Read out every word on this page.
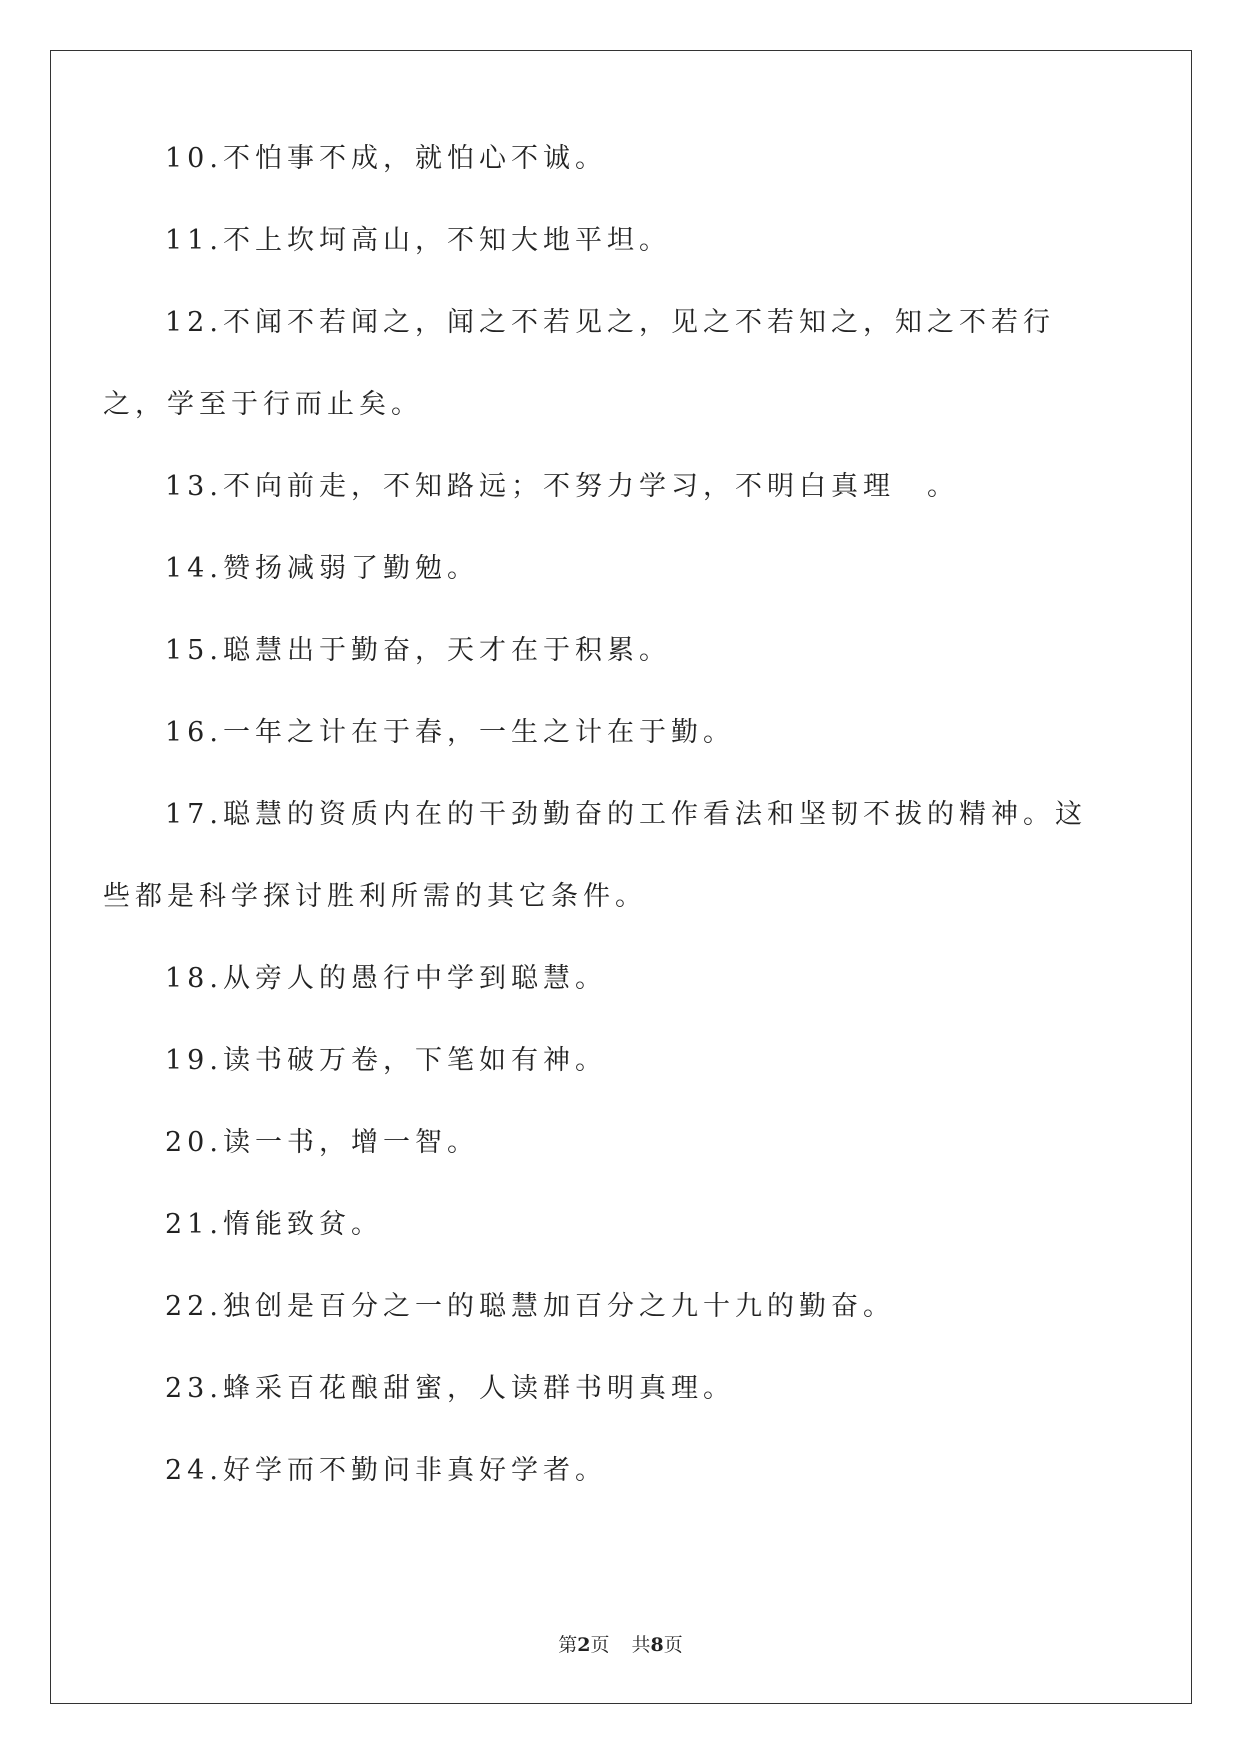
10.不怕事不成，就怕心不诚。

11.不上坎坷高山，不知大地平坦。

12.不闻不若闻之，闻之不若见之，见之不若知之，知之不若行之，学至于行而止矣。

13.不向前走，不知路远；不努力学习，不明白真理　。

14.赞扬减弱了勤勉。

15.聪慧出于勤奋，天才在于积累。

16.一年之计在于春，一生之计在于勤。

17.聪慧的资质内在的干劲勤奋的工作看法和坚韧不拔的精神。这些都是科学探讨胜利所需的其它条件。

18.从旁人的愚行中学到聪慧。

19.读书破万卷，下笔如有神。

20.读一书，增一智。

21.惰能致贫。

22.独创是百分之一的聪慧加百分之九十九的勤奋。

23.蜂采百花酿甜蜜，人读群书明真理。

24.好学而不勤问非真好学者。

第2页 共8页
